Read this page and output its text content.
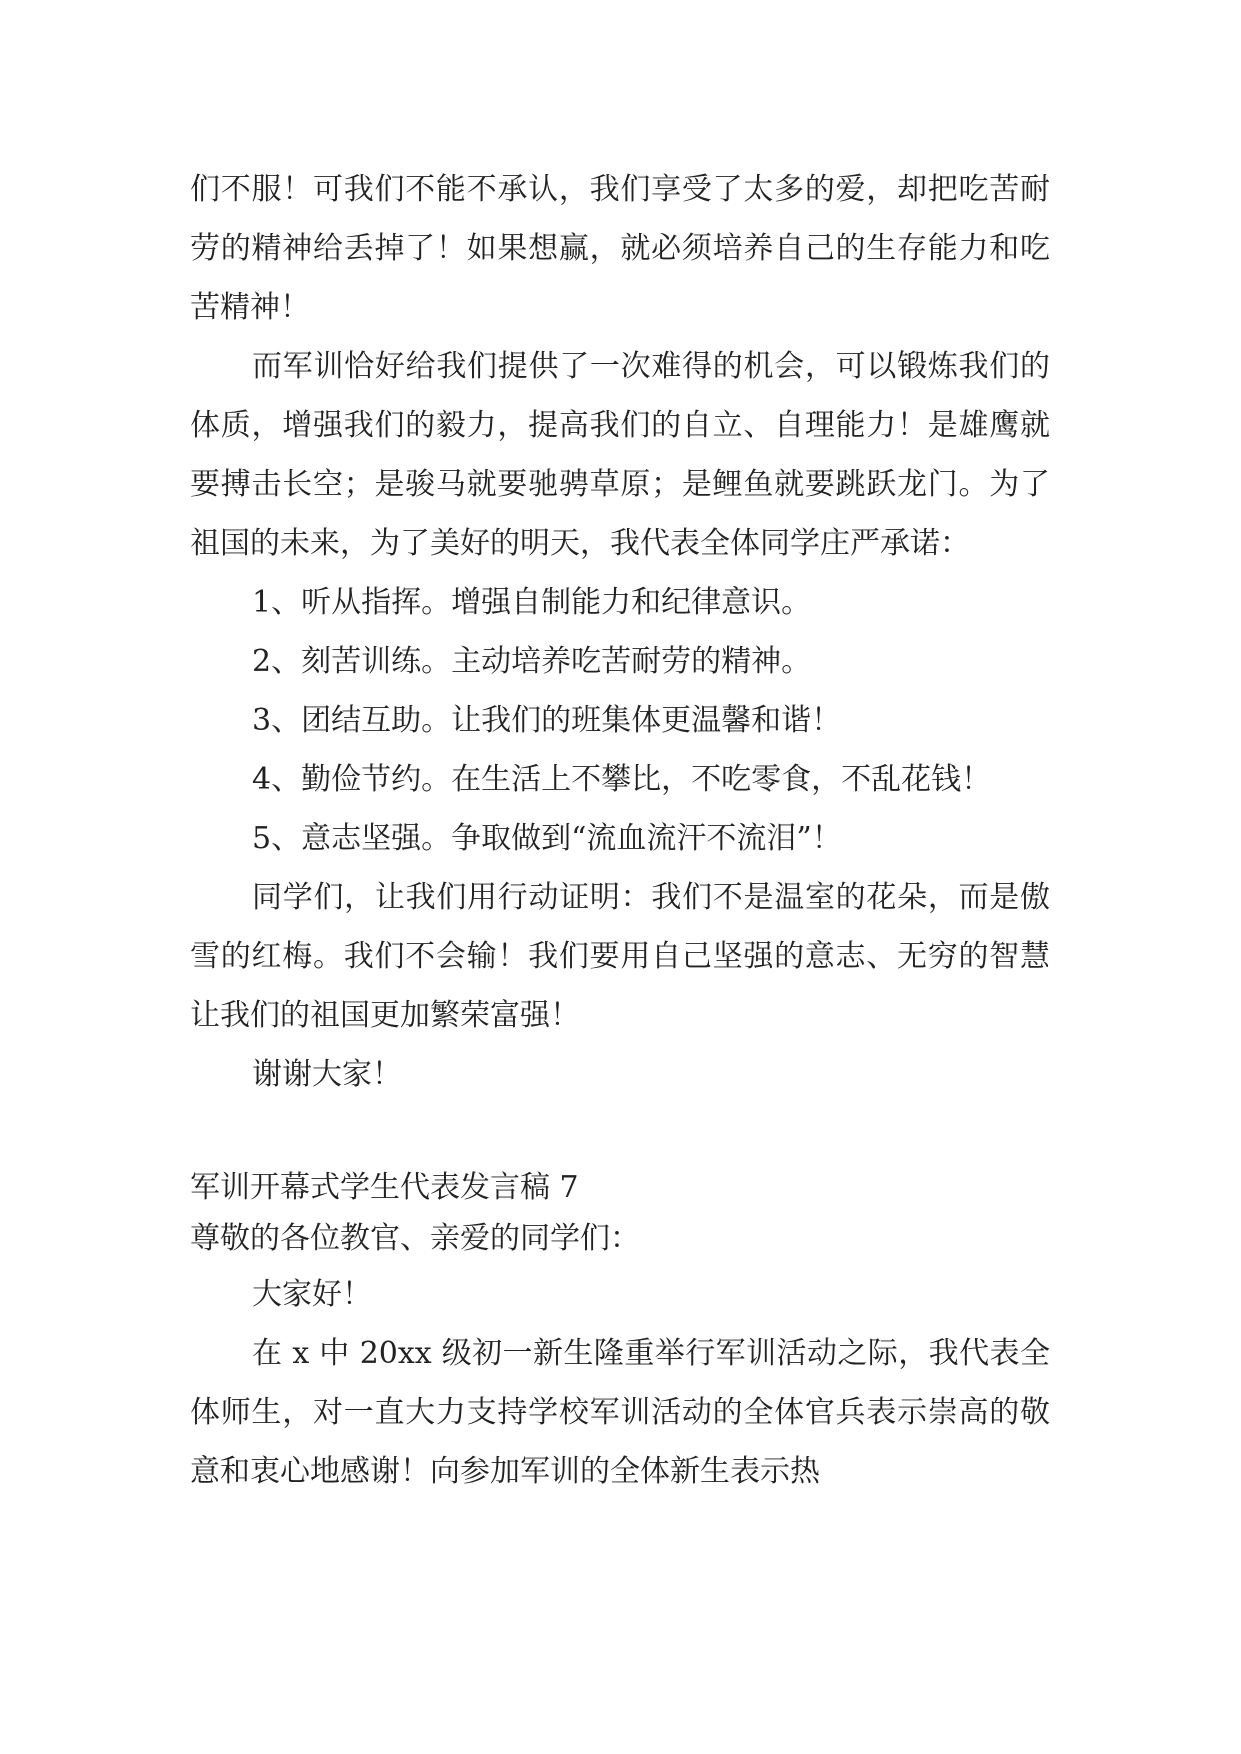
们不服！可我们不能不承认，我们享受了太多的爱，却把吃苦耐劳的精神给丢掉了！如果想赢，就必须培养自己的生存能力和吃苦精神！

而军训恰好给我们提供了一次难得的机会，可以锻炼我们的体质，增强我们的毅力，提高我们的自立、自理能力！是雄鹰就要搏击长空；是骏马就要驰骋草原；是鲤鱼就要跳跃龙门。为了祖国的未来，为了美好的明天，我代表全体同学庄严承诺：

1、听从指挥。增强自制能力和纪律意识。

2、刻苦训练。主动培养吃苦耐劳的精神。

3、团结互助。让我们的班集体更温馨和谐！

4、勤俭节约。在生活上不攀比，不吃零食，不乱花钱！

5、意志坚强。争取做到“流血流汗不流泪”！

同学们，让我们用行动证明：我们不是温室的花朵，而是傲雪的红梅。我们不会输！我们要用自己坚强的意志、无穷的智慧让我们的祖国更加繁荣富强！

谢谢大家！

军训开幕式学生代表发言稿 7

尊敬的各位教官、亲爱的同学们：

大家好！

在 x 中 20xx 级初一新生隆重举行军训活动之际，我代表全体师生，对一直大力支持学校军训活动的全体官兵表示崇高的敬意和衷心地感谢！向参加军训的全体新生表示热
